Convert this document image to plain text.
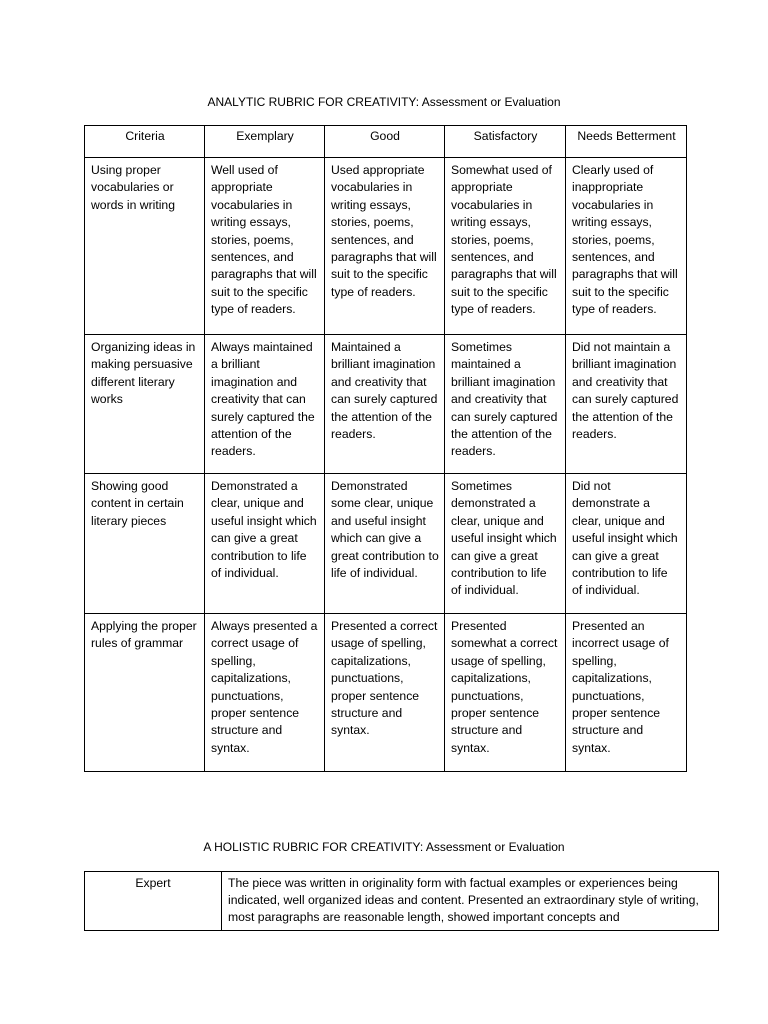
ANALYTIC RUBRIC FOR CREATIVITY: Assessment or Evaluation
Criteria	Exemplary	Good	Satisfactory	Needs Betterment
Using proper vocabularies or words in writing	Well used of appropriate vocabularies in writing essays, stories, poems, sentences, and paragraphs that will suit to the specific type of readers.	Used appropriate vocabularies in writing essays, stories, poems, sentences, and paragraphs that will suit to the specific type of readers.	Somewhat used of appropriate vocabularies in writing essays, stories, poems, sentences, and paragraphs that will suit to the specific type of readers.	Clearly used of inappropriate vocabularies in writing essays, stories, poems, sentences, and paragraphs that will suit to the specific type of readers.
Organizing ideas in making persuasive different literary works	Always maintained a brilliant imagination and creativity that can surely captured the attention of the readers.	Maintained a brilliant imagination and creativity that can surely captured the attention of the readers.	Sometimes maintained a brilliant imagination and creativity that can surely captured the attention of the readers.	Did not maintain a brilliant imagination and creativity that can surely captured the attention of the readers.
Showing good content in certain literary pieces	Demonstrated a clear, unique and useful insight which can give a great contribution to life of individual.	Demonstrated some clear, unique and useful insight which can give a great contribution to life of individual.	Sometimes demonstrated a clear, unique and useful insight which can give a great contribution to life of individual.	Did not demonstrate a clear, unique and useful insight which can give a great contribution to life of individual.
Applying the proper rules of grammar	Always presented a correct usage of spelling, capitalizations, punctuations, proper sentence structure and syntax.	Presented a correct usage of spelling, capitalizations, punctuations, proper sentence structure and syntax.	Presented somewhat a correct usage of spelling, capitalizations, punctuations, proper sentence structure and syntax.	Presented an incorrect usage of spelling, capitalizations, punctuations, proper sentence structure and syntax.
A HOLISTIC RUBRIC FOR CREATIVITY: Assessment or Evaluation
Expert	The piece was written in originality form with factual examples or experiences being indicated, well organized ideas and content. Presented an extraordinary style of writing, most paragraphs are reasonable length, showed important concepts and
